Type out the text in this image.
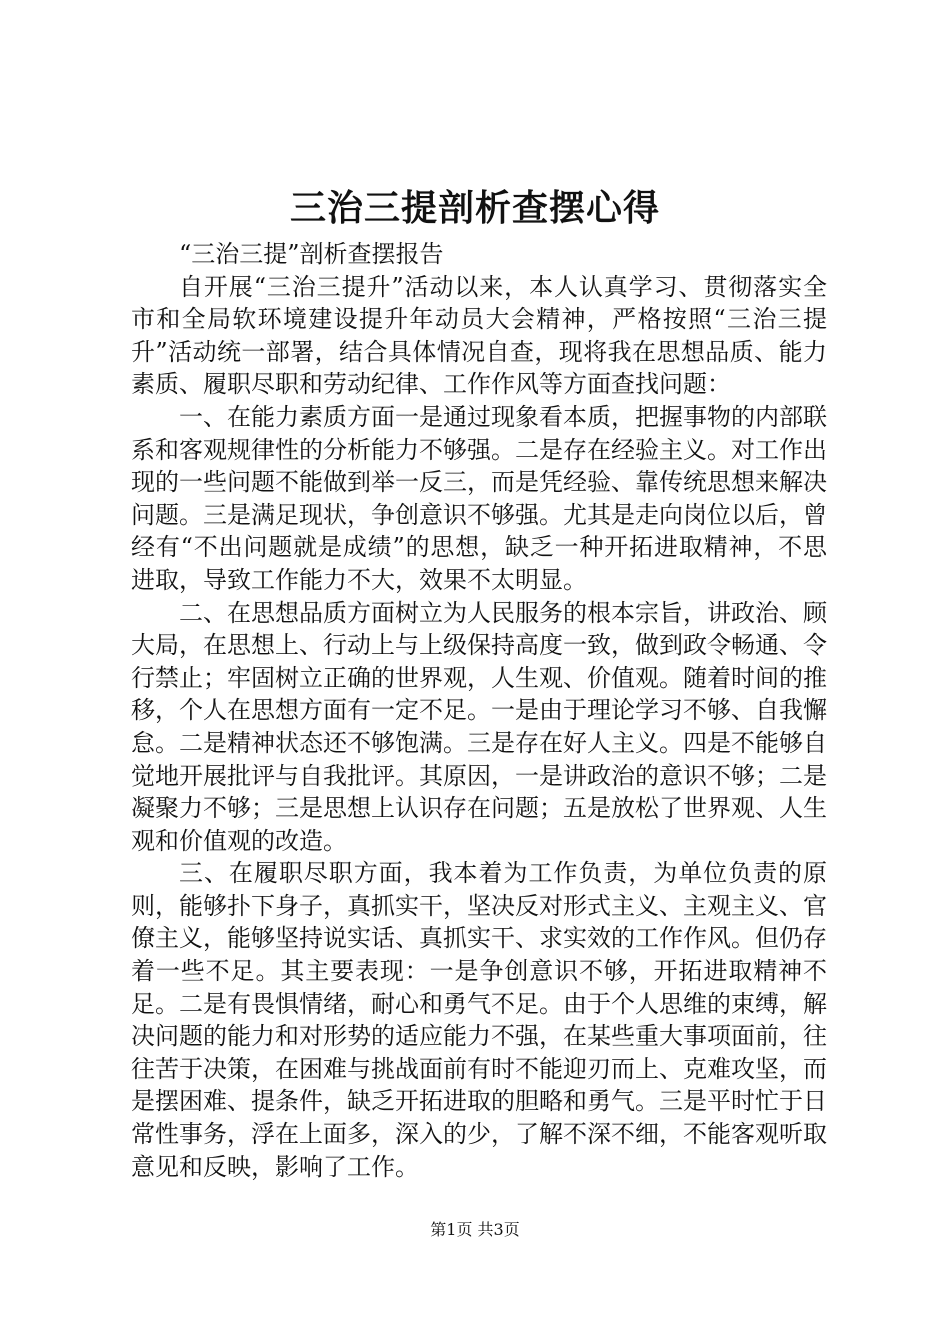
三治三提剖析查摆心得

“三治三提”剖析查摆报告

自开展“三治三提升”活动以来，本人认真学习、贯彻落实全市和全局软环境建设提升年动员大会精神，严格按照“三治三提升”活动统一部署，结合具体情况自查，现将我在思想品质、能力素质、履职尽职和劳动纪律、工作作风等方面查找问题：

一、在能力素质方面一是通过现象看本质，把握事物的内部联系和客观规律性的分析能力不够强。二是存在经验主义。对工作出现的一些问题不能做到举一反三，而是凭经验、靠传统思想来解决问题。三是满足现状，争创意识不够强。尤其是走向岗位以后，曾经有“不出问题就是成绩”的思想，缺乏一种开拓进取精神，不思进取，导致工作能力不大，效果不太明显。

二、在思想品质方面树立为人民服务的根本宗旨，讲政治、顾大局，在思想上、行动上与上级保持高度一致，做到政令畅通、令行禁止；牢固树立正确的世界观，人生观、价值观。随着时间的推移，个人在思想方面有一定不足。一是由于理论学习不够、自我懈怠。二是精神状态还不够饱满。三是存在好人主义。四是不能够自觉地开展批评与自我批评。其原因，一是讲政治的意识不够；二是凝聚力不够；三是思想上认识存在问题；五是放松了世界观、人生观和价值观的改造。

三、在履职尽职方面，我本着为工作负责，为单位负责的原则，能够扑下身子，真抓实干，坚决反对形式主义、主观主义、官僚主义，能够坚持说实话、真抓实干、求实效的工作作风。但仍存着一些不足。其主要表现：一是争创意识不够，开拓进取精神不足。二是有畏惧情绪，耐心和勇气不足。由于个人思维的束缚，解决问题的能力和对形势的适应能力不强，在某些重大事项面前，往往苦于决策，在困难与挑战面前有时不能迎刃而上、克难攻坚，而是摆困难、提条件，缺乏开拓进取的胆略和勇气。三是平时忙于日常性事务，浮在上面多，深入的少，了解不深不细，不能客观听取意见和反映，影响了工作。

第1页 共3页
